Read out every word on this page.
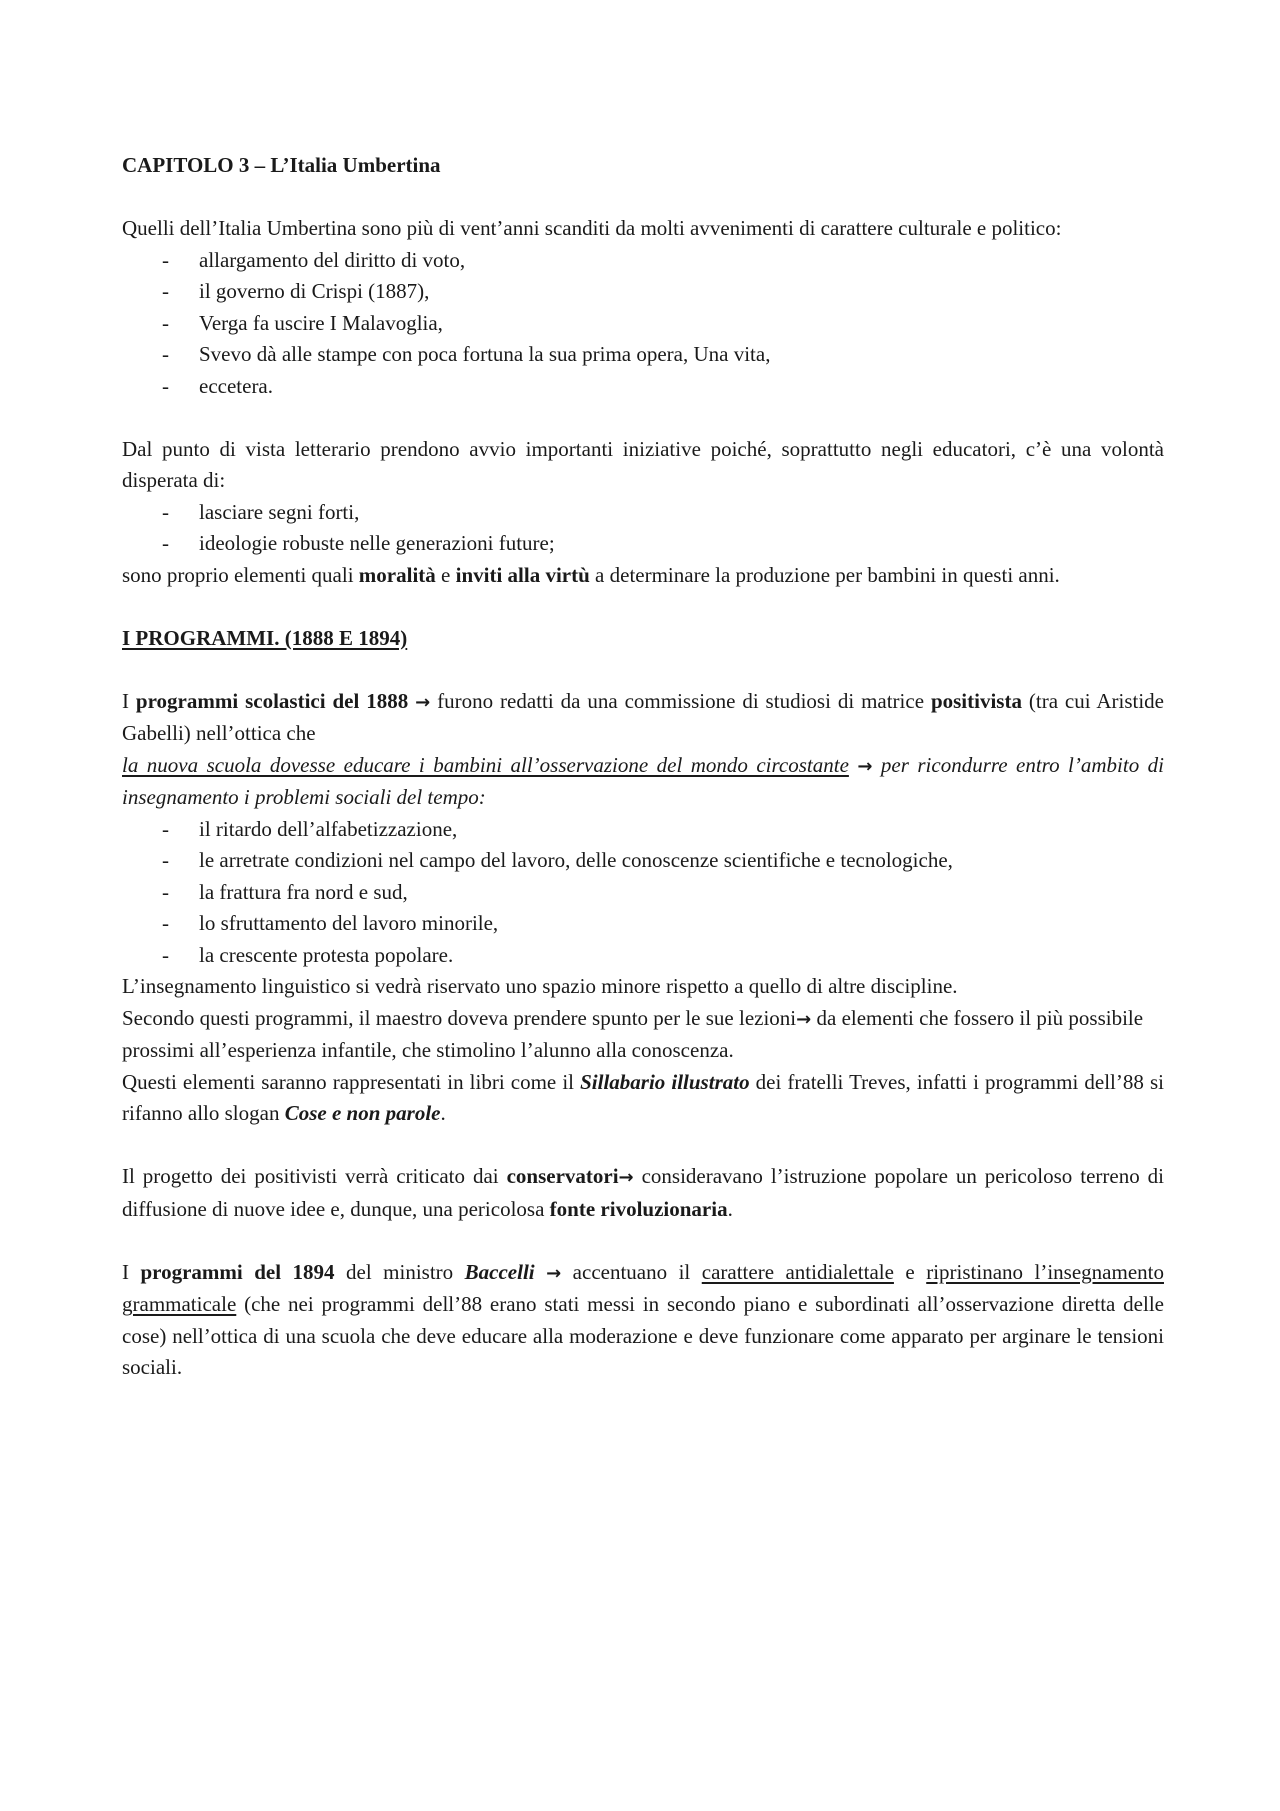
CAPITOLO 3 – L’Italia Umbertina

Quelli dell’Italia Umbertina sono più di vent’anni scanditi da molti avvenimenti di carattere culturale e politico:

- allargamento del diritto di voto,
- il governo di Crispi (1887),
- Verga fa uscire I Malavoglia,
- Svevo dà alle stampe con poca fortuna la sua prima opera, Una vita,
- eccetera.

Dal punto di vista letterario prendono avvio importanti iniziative poiché, soprattutto negli educatori, c’è una volontà disperata di:

- lasciare segni forti,
- ideologie robuste nelle generazioni future;

sono proprio elementi quali moralità e inviti alla virtù a determinare la produzione per bambini in questi anni.

I PROGRAMMI. (1888 E 1894)

I programmi scolastici del 1888 → furono redatti da una commissione di studiosi di matrice positivista (tra cui Aristide Gabelli) nell’ottica che

la nuova scuola dovesse educare i bambini all’osservazione del mondo circostante → per ricondurre entro l’ambito di insegnamento i problemi sociali del tempo:

- il ritardo dell’alfabetizzazione,
- le arretrate condizioni nel campo del lavoro, delle conoscenze scientifiche e tecnologiche,
- la frattura fra nord e sud,
- lo sfruttamento del lavoro minorile,
- la crescente protesta popolare.

L’insegnamento linguistico si vedrà riservato uno spazio minore rispetto a quello di altre discipline.

Secondo questi programmi, il maestro doveva prendere spunto per le sue lezioni→ da elementi che fossero il più possibile prossimi all’esperienza infantile, che stimolino l’alunno alla conoscenza.

Questi elementi saranno rappresentati in libri come il Sillabario illustrato dei fratelli Treves, infatti i programmi dell’88 si rifanno allo slogan Cose e non parole.

Il progetto dei positivisti verrà criticato dai conservatori→ consideravano l’istruzione popolare un pericoloso terreno di diffusione di nuove idee e, dunque, una pericolosa fonte rivoluzionaria.

I programmi del 1894 del ministro Baccelli → accentuano il carattere antidialettale e ripristinano l’insegnamento grammaticale (che nei programmi dell’88 erano stati messi in secondo piano e subordinati all’osservazione diretta delle cose) nell’ottica di una scuola che deve educare alla moderazione e deve funzionare come apparato per arginare le tensioni sociali.
